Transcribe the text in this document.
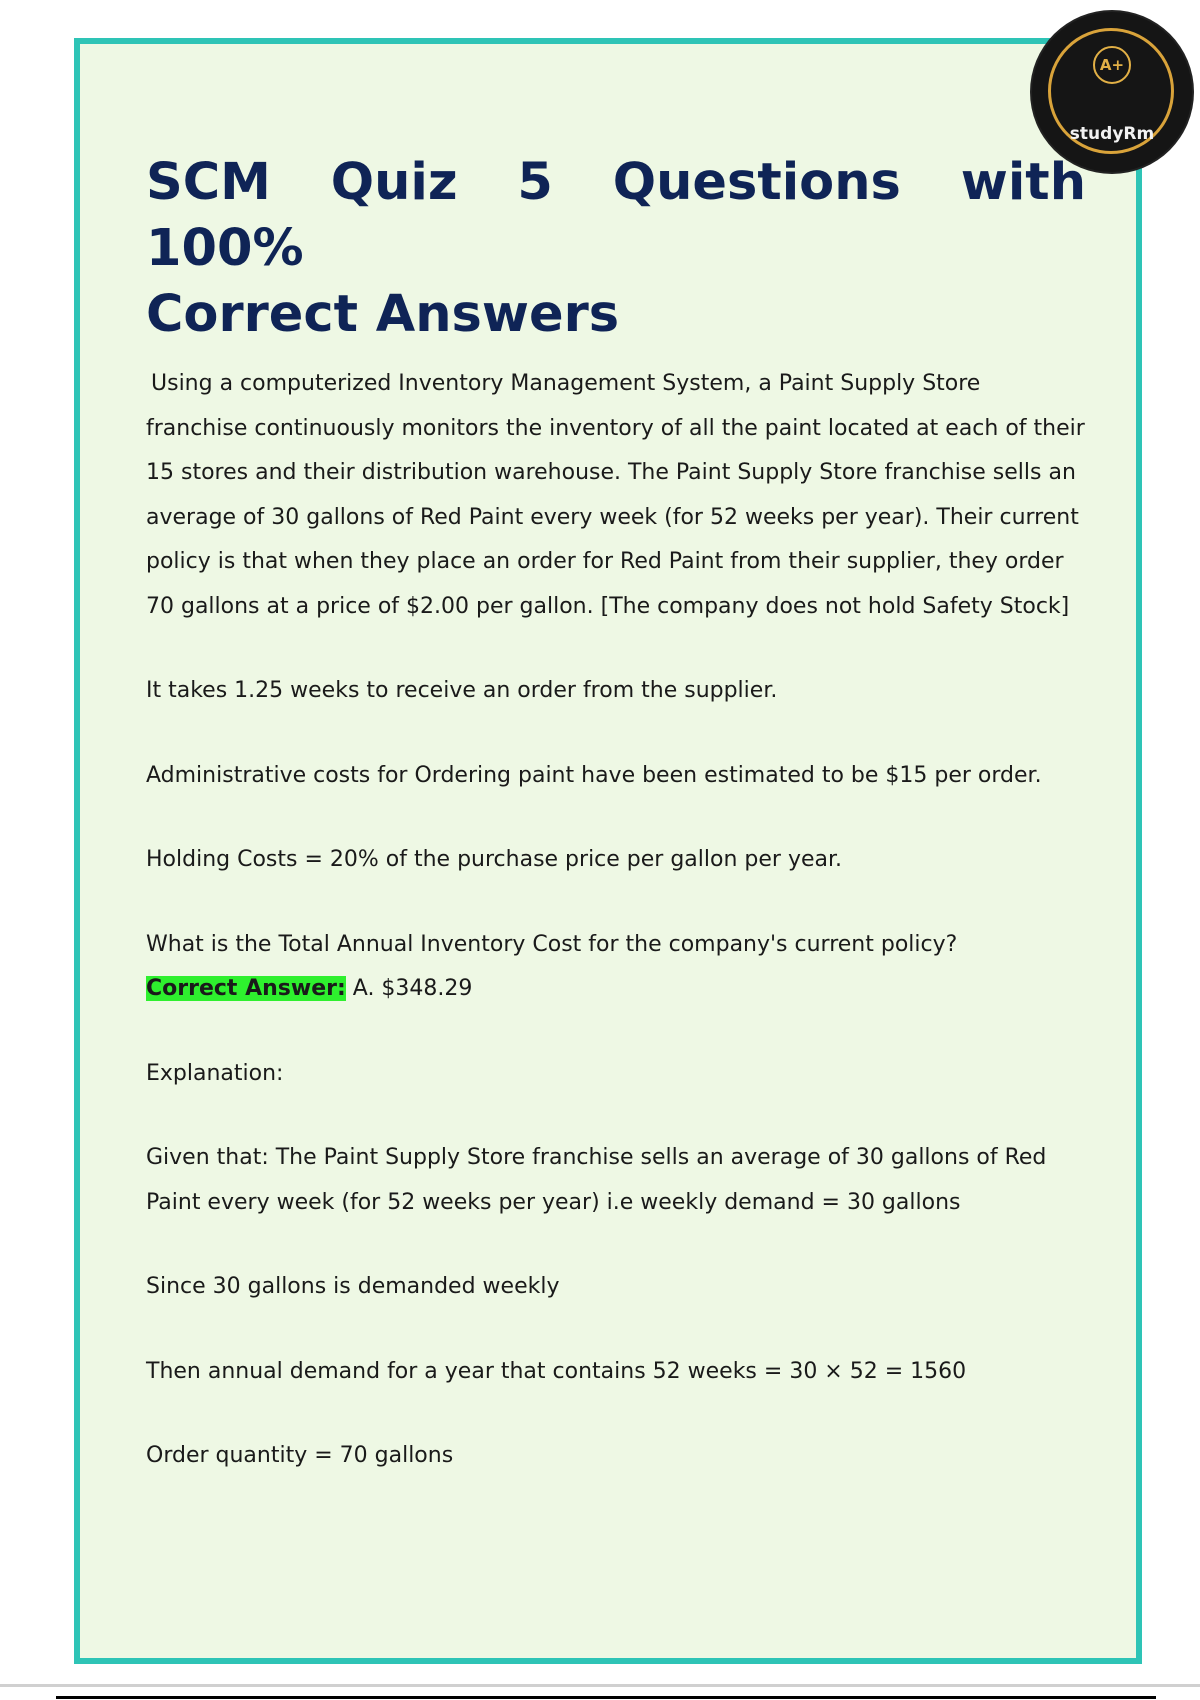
A+
studyRm
SCM Quiz 5 Questions with 100%
Correct Answers

Using a computerized Inventory Management System, a Paint Supply Store franchise continuously monitors the inventory of all the paint located at each of their 15 stores and their distribution warehouse. The Paint Supply Store franchise sells an average of 30 gallons of Red Paint every week (for 52 weeks per year). Their current policy is that when they place an order for Red Paint from their supplier, they order 70 gallons at a price of $2.00 per gallon. [The company does not hold Safety Stock]

It takes 1.25 weeks to receive an order from the supplier.

Administrative costs for Ordering paint have been estimated to be $15 per order.

Holding Costs = 20% of the purchase price per gallon per year.

What is the Total Annual Inventory Cost for the company's current policy?
Correct Answer: A. $348.29

Explanation:

Given that: The Paint Supply Store franchise sells an average of 30 gallons of Red Paint every week (for 52 weeks per year) i.e weekly demand = 30 gallons

Since 30 gallons is demanded weekly

Then annual demand for a year that contains 52 weeks = 30 × 52 = 1560

Order quantity = 70 gallons
